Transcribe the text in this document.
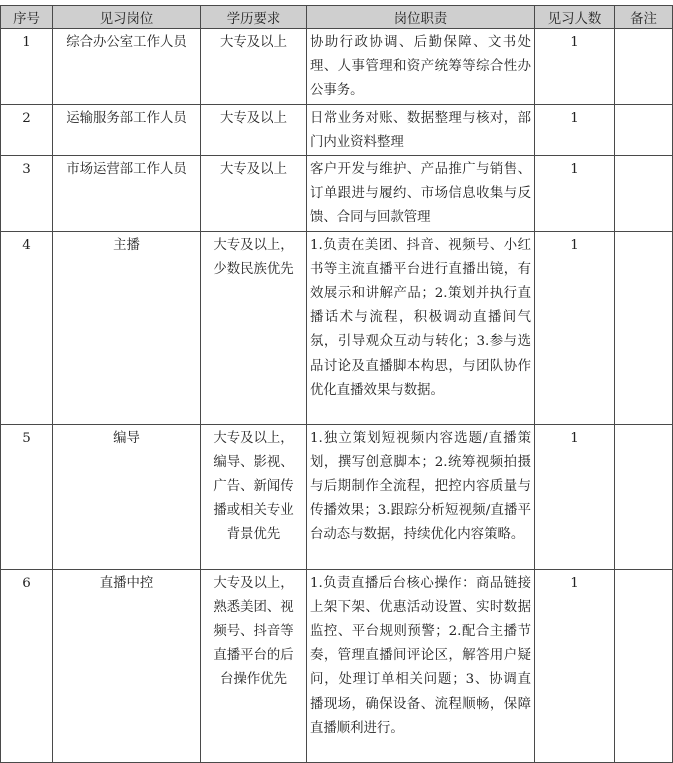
序号	见习岗位	学历要求	岗位职责	见习人数	备注
1	综合办公室工作人员	大专及以上	协助行政协调、后勤保障、文书处理、人事管理和资产统筹等综合性办公事务。	1	
2	运输服务部工作人员	大专及以上	日常业务对账、数据整理与核对，部门内业资料整理	1	
3	市场运营部工作人员	大专及以上	客户开发与维护、产品推广与销售、订单跟进与履约、市场信息收集与反馈、合同与回款管理	1	
4	主播	大专及以上，少数民族优先	1.负责在美团、抖音、视频号、小红书等主流直播平台进行直播出镜，有效展示和讲解产品；2.策划并执行直播话术与流程，积极调动直播间气氛，引导观众互动与转化；3.参与选品讨论及直播脚本构思，与团队协作优化直播效果与数据。	1	
5	编导	大专及以上，编导、影视、广告、新闻传播或相关专业背景优先	1.独立策划短视频内容选题/直播策划，撰写创意脚本；2.统筹视频拍摄与后期制作全流程，把控内容质量与传播效果；3.跟踪分析短视频/直播平台动态与数据，持续优化内容策略。	1	
6	直播中控	大专及以上，熟悉美团、视频号、抖音等直播平台的后台操作优先	1.负责直播后台核心操作：商品链接上架下架、优惠活动设置、实时数据监控、平台规则预警；2.配合主播节奏，管理直播间评论区，解答用户疑问，处理订单相关问题；3、协调直播现场，确保设备、流程顺畅，保障直播顺利进行。	1	
